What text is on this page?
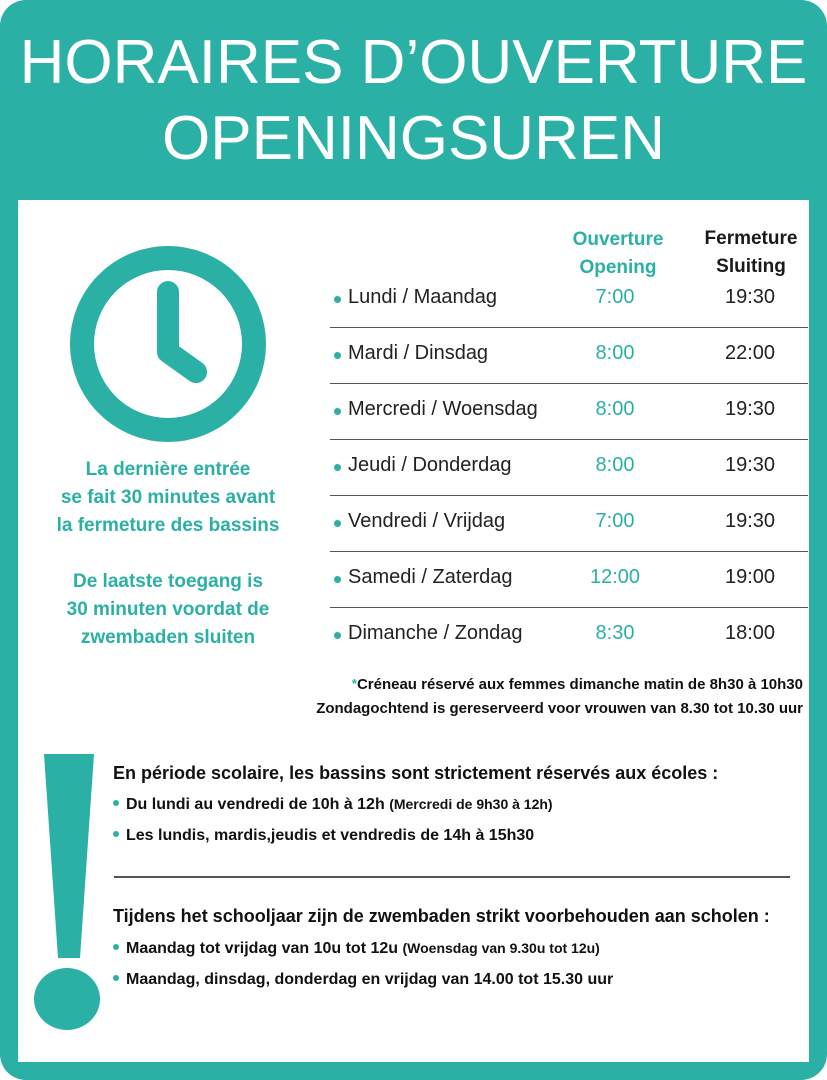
HORAIRES D’OUVERTURE
OPENINGSUREN
La dernière entrée
se fait 30 minutes avant
la fermeture des bassins
De laatste toegang is
30 minuten voordat de
zwembaden sluiten
Ouverture
Opening
Fermeture
Sluiting
Lundi / Maandag	7:00	19:30
Mardi / Dinsdag	8:00	22:00
Mercredi / Woensdag	8:00	19:30
Jeudi / Donderdag	8:00	19:30
Vendredi / Vrijdag	7:00	19:30
Samedi / Zaterdag	12:00	19:00
Dimanche / Zondag	8:30	18:00
*Créneau réservé aux femmes dimanche matin de 8h30 à 10h30
Zondagochtend is gereserveerd voor vrouwen van 8.30 tot 10.30 uur
En période scolaire, les bassins sont strictement réservés aux écoles :
Du lundi au vendredi de 10h à 12h (Mercredi de 9h30 à 12h)
Les lundis, mardis,jeudis et vendredis de 14h à 15h30
Tijdens het schooljaar zijn de zwembaden strikt voorbehouden aan scholen :
Maandag tot vrijdag van 10u tot 12u (Woensdag van 9.30u tot 12u)
Maandag, dinsdag, donderdag en vrijdag van 14.00 tot 15.30 uur
